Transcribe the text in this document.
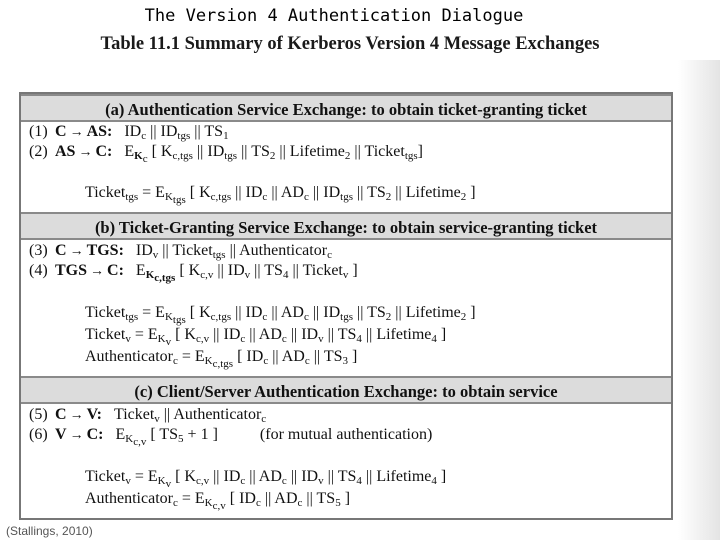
The Version 4 Authentication Dialogue
Table 11.1 Summary of Kerberos Version 4 Message Exchanges
(a) Authentication Service Exchange: to obtain ticket-granting ticket
(1) C → AS:   $ID_c$ || $ID_{tgs}$ || $TS_1$
(2) AS → C:   $E_{K_c}$ [ $K_{c,tgs}$ || $ID_{tgs}$ || $TS_2$ || Lifetime$_2$ || Ticket$_{tgs}$]
Ticket$_{tgs}$ = $E_{K_{tgs}}$ [ $K_{c,tgs}$ || $ID_c$ || $AD_c$ || $ID_{tgs}$ || $TS_2$ || Lifetime$_2$ ]
(b) Ticket-Granting Service Exchange: to obtain service-granting ticket
(3) C → TGS:   $ID_v$ || Ticket$_{tgs}$ || Authenticator$_c$
(4) TGS → C:   $E_{K_{c,tgs}}$ [ $K_{c,v}$ || $ID_v$ || $TS_4$ || Ticket$_v$ ]
Ticket$_{tgs}$ = $E_{K_{tgs}}$ [ $K_{c,tgs}$ || $ID_c$ || $AD_c$ || $ID_{tgs}$ || $TS_2$ || Lifetime$_2$ ]
Ticket$_v$ = $E_{K_v}$ [ $K_{c,v}$ || $ID_c$ || $AD_c$ || $ID_v$ || $TS_4$ || Lifetime$_4$ ]
Authenticator$_c$ = $E_{K_{c,tgs}}$ [ $ID_c$ || $AD_c$ || $TS_3$ ]
(c) Client/Server Authentication Exchange: to obtain service
(5) C → V:   Ticket$_v$ || Authenticator$_c$
(6) V → C:   $E_{K_{c,v}}$ [ $TS_5 + 1$ ]	(for mutual authentication)
Ticket$_v$ = $E_{K_v}$ [ $K_{c,v}$ || $ID_c$ || $AD_c$ || $ID_v$ || $TS_4$ || Lifetime$_4$ ]
Authenticator$_c$ = $E_{K_{c,v}}$ [ $ID_c$ || $AD_c$ || $TS_5$ ]
(Stallings, 2010)
